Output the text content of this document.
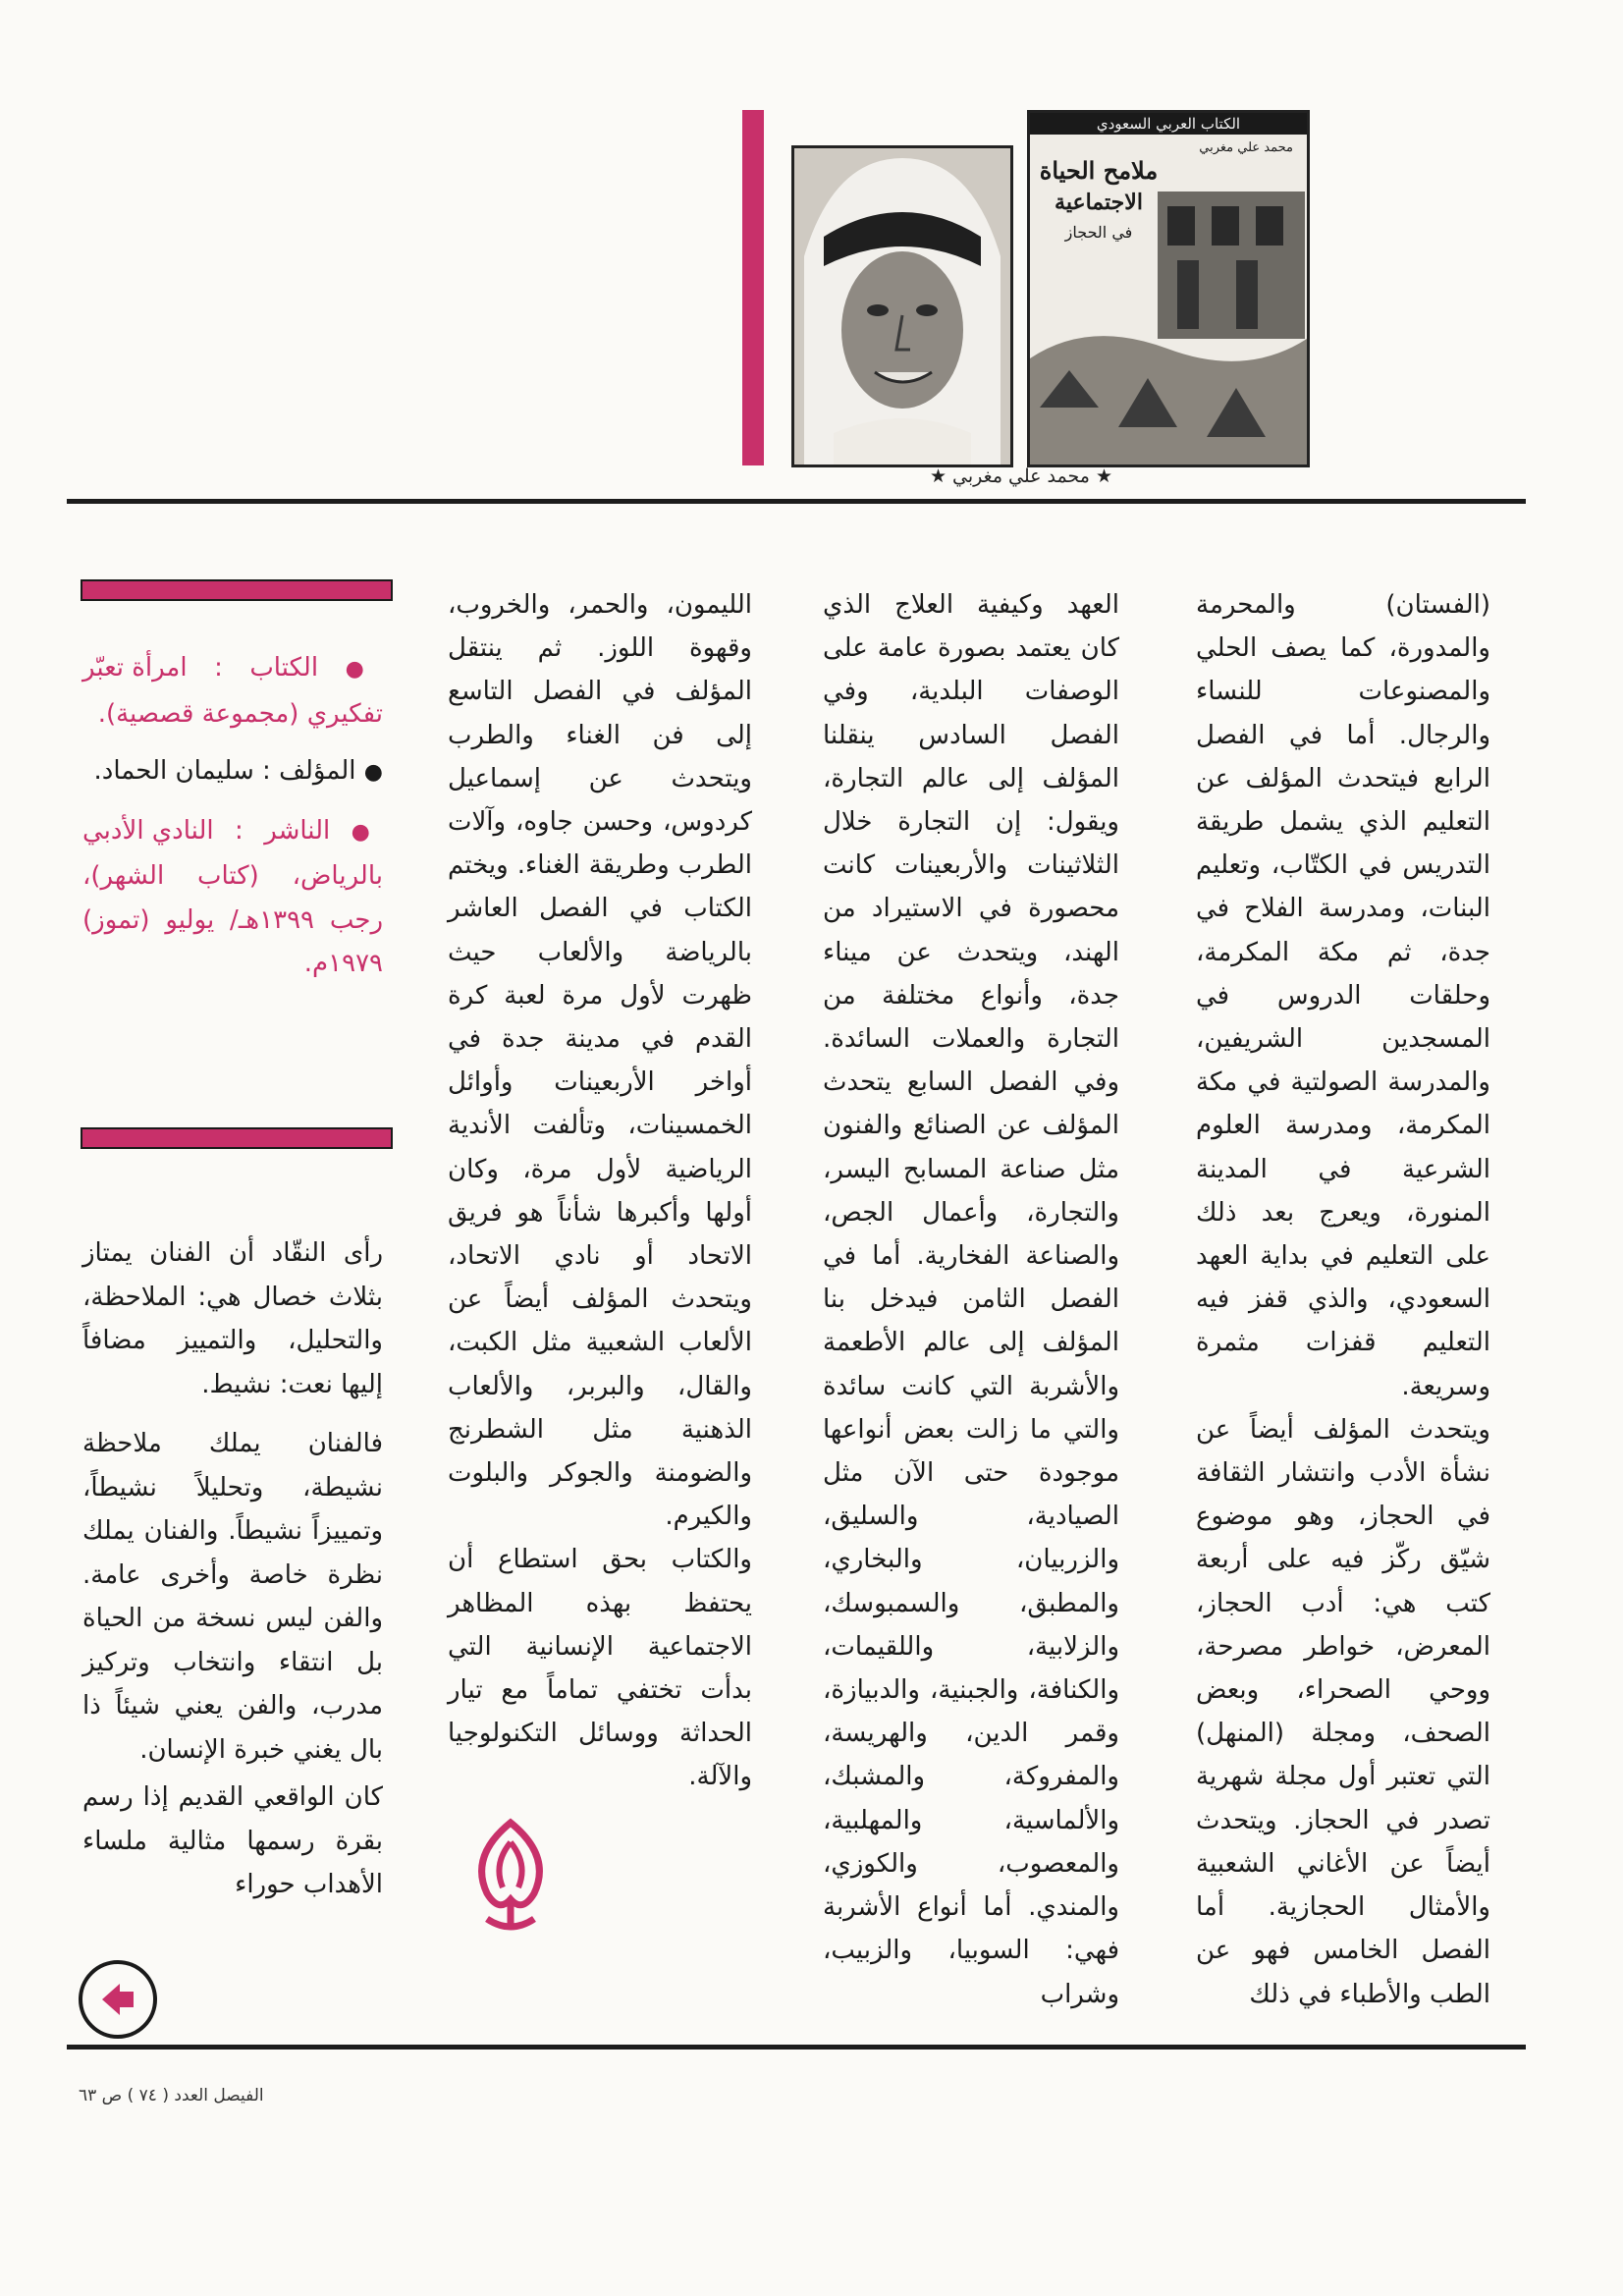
الكتاب العربي السعودي
محمد علي مغربي
ملامح الحياة
الاجتماعية
في الحجاز
★ محمد علي مغربي ★

(الفستان) والمحرمة والمدورة، كما يصف الحلي والمصنوعات للنساء والرجال. أما في الفصل الرابع فيتحدث المؤلف عن التعليم الذي يشمل طريقة التدريس في الكتّاب، وتعليم البنات، ومدرسة الفلاح في جدة، ثم مكة المكرمة، وحلقات الدروس في المسجدين الشريفين، والمدرسة الصولتية في مكة المكرمة، ومدرسة العلوم الشرعية في المدينة المنورة، ويعرج بعد ذلك على التعليم في بداية العهد السعودي، والذي قفز فيه التعليم قفزات مثمرة وسريعة.

ويتحدث المؤلف أيضاً عن نشأة الأدب وانتشار الثقافة في الحجاز، وهو موضوع شيّق ركّز فيه على أربعة كتب هي: أدب الحجاز، المعرض، خواطر مصرحة، ووحي الصحراء، وبعض الصحف، ومجلة (المنهل) التي تعتبر أول مجلة شهرية تصدر في الحجاز. ويتحدث أيضاً عن الأغاني الشعبية والأمثال الحجازية. أما الفصل الخامس فهو عن الطب والأطباء في ذلك

العهد وكيفية العلاج الذي كان يعتمد بصورة عامة على الوصفات البلدية، وفي الفصل السادس ينقلنا المؤلف إلى عالم التجارة، ويقول: إن التجارة خلال الثلاثينات والأربعينات كانت محصورة في الاستيراد من الهند، ويتحدث عن ميناء جدة، وأنواع مختلفة من التجارة والعملات السائدة. وفي الفصل السابع يتحدث المؤلف عن الصنائع والفنون مثل صناعة المسابح اليسر، والتجارة، وأعمال الجص، والصناعة الفخارية. أما في الفصل الثامن فيدخل بنا المؤلف إلى عالم الأطعمة والأشربة التي كانت سائدة والتي ما زالت بعض أنواعها موجودة حتى الآن مثل الصيادية، والسليق، والزربيان، والبخاري، والمطبق، والسمبوسك، والزلابية، واللقيمات، والكنافة، والجبنية، والدبيازة، وقمر الدين، والهريسة، والمفروكة، والمشبك، والألماسية، والمهلبية، والمعصوب، والكوزي، والمندي. أما أنواع الأشربة فهي: السوبيا، والزبيب، وشراب

الليمون، والحمر، والخروب، وقهوة اللوز. ثم ينتقل المؤلف في الفصل التاسع إلى فن الغناء والطرب ويتحدث عن إسماعيل كردوس، وحسن جاوه، وآلات الطرب وطريقة الغناء. ويختم الكتاب في الفصل العاشر بالرياضة والألعاب حيث ظهرت لأول مرة لعبة كرة القدم في مدينة جدة في أواخر الأربعينات وأوائل الخمسينات، وتألفت الأندية الرياضية لأول مرة، وكان أولها وأكبرها شأناً هو فريق الاتحاد أو نادي الاتحاد، ويتحدث المؤلف أيضاً عن الألعاب الشعبية مثل الكبت، والقال، والبربر، والألعاب الذهنية مثل الشطرنج والضومنة والجوكر والبلوت والكيرم.

والكتاب بحق استطاع أن يحتفظ بهذه المظاهر الاجتماعية الإنسانية التي بدأت تختفي تماماً مع تيار الحداثة ووسائل التكنولوجيا والآلة.

● الكتاب : امرأة تعبّر تفكيري (مجموعة قصصية).
● المؤلف : سليمان الحماد.
● الناشر : النادي الأدبي بالرياض، (كتاب الشهر)، رجب ١٣٩٩هـ/ يوليو (تموز) ١٩٧٩م.

رأى النقّاد أن الفنان يمتاز بثلاث خصال هي: الملاحظة، والتحليل، والتمييز مضافاً إليها نعت: نشيط.

فالفنان يملك ملاحظة نشيطة، وتحليلاً نشيطاً، وتمييزاً نشيطاً. والفنان يملك نظرة خاصة وأخرى عامة. والفن ليس نسخة من الحياة بل انتقاء وانتخاب وتركيز مدرب، والفن يعني شيئاً ذا بال يغني خبرة الإنسان.

كان الواقعي القديم إذا رسم بقرة رسمها مثالية ملساء الأهداب حوراء

الفيصل العدد ( ٧٤ ) ص ٦٣
